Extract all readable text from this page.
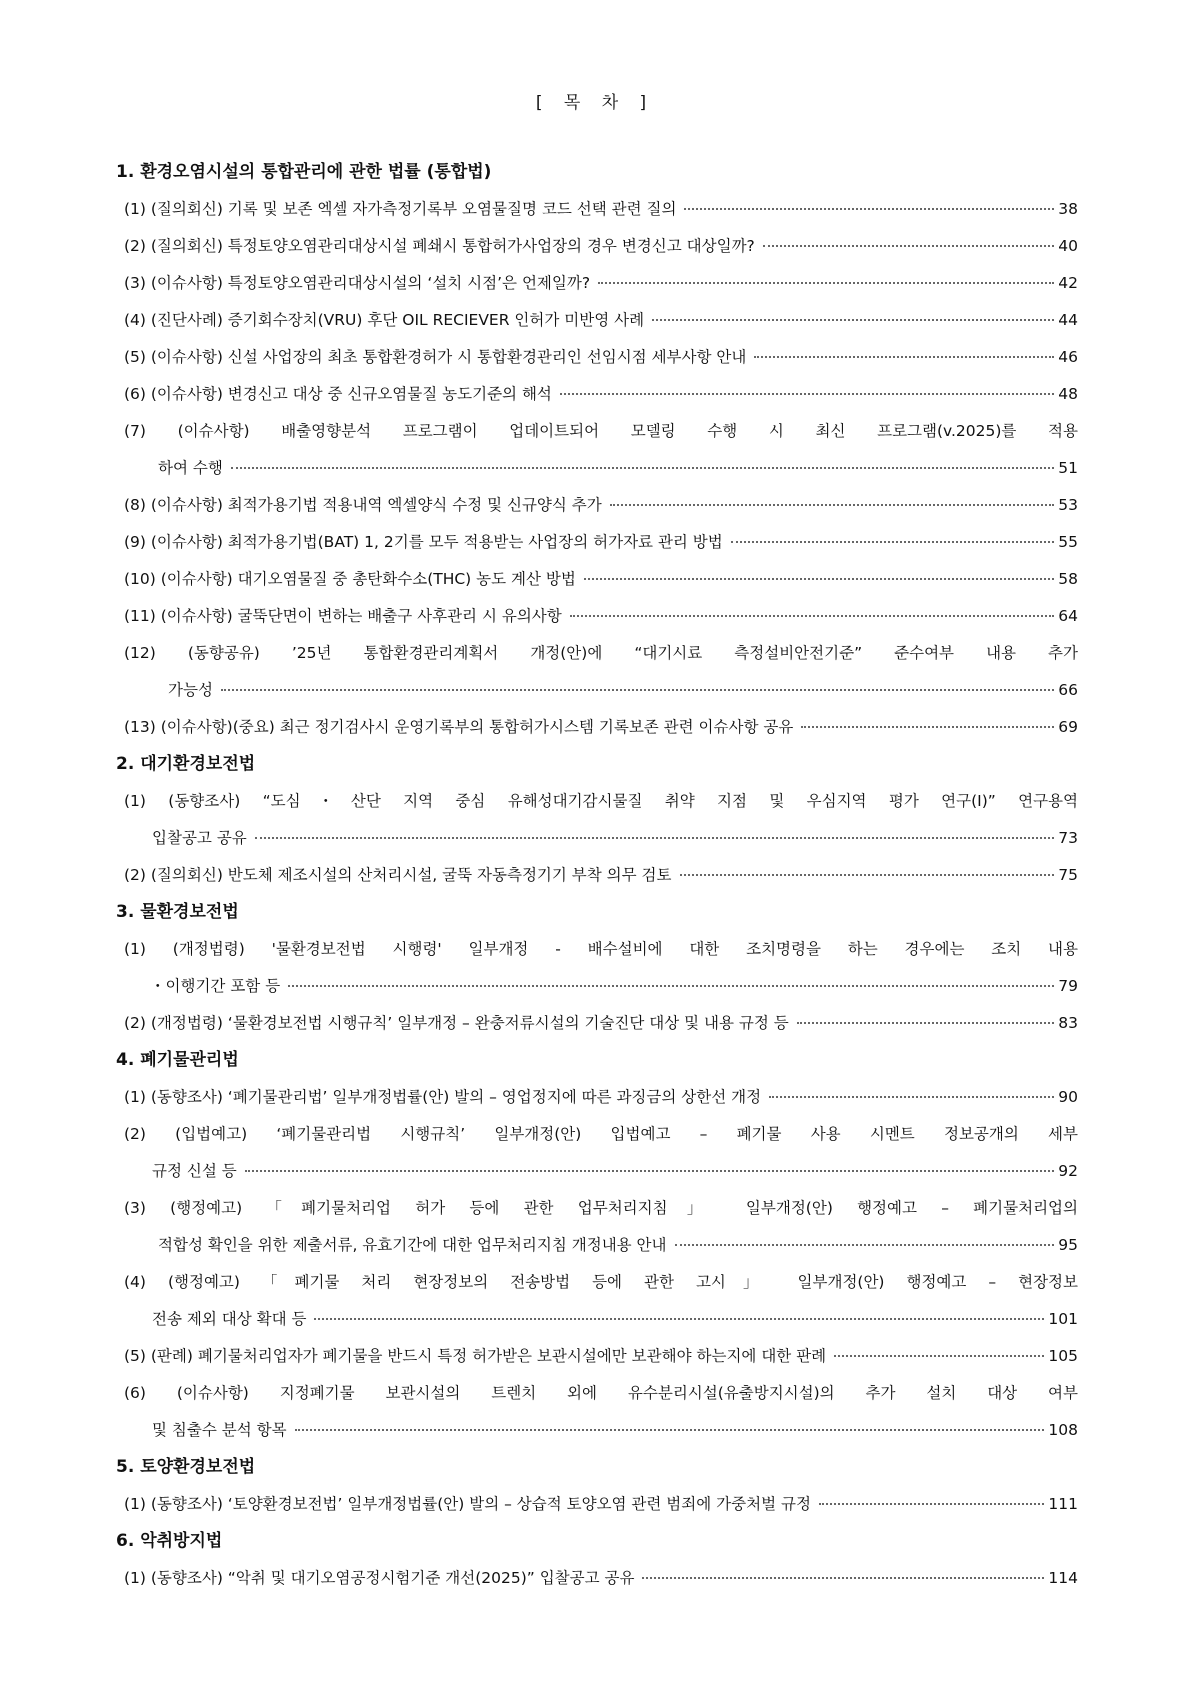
[ 목 차 ]
1. 환경오염시설의 통합관리에 관한 법률 (통합법)
(1) (질의회신) 기록 및 보존 엑셀 자가측정기록부 오염물질명 코드 선택 관련 질의	38
(2) (질의회신) 특정토양오염관리대상시설 폐쇄시 통합허가사업장의 경우 변경신고 대상일까?	40
(3) (이슈사항) 특정토양오염관리대상시설의 ‘설치 시점’은 언제일까?	42
(4) (진단사례) 증기회수장치(VRU) 후단 OIL RECIEVER 인허가 미반영 사례	44
(5) (이슈사항) 신설 사업장의 최초 통합환경허가 시 통합환경관리인 선임시점 세부사항 안내	46
(6) (이슈사항) 변경신고 대상 중 신규오염물질 농도기준의 해석	48
(7) (이슈사항) 배출영향분석 프로그램이 업데이트되어 모델링 수행 시 최신 프로그램(v.2025)를 적용
하여 수행	51
(8) (이슈사항) 최적가용기법 적용내역 엑셀양식 수정 및 신규양식 추가	53
(9) (이슈사항) 최적가용기법(BAT) 1, 2기를 모두 적용받는 사업장의 허가자료 관리 방법	55
(10) (이슈사항) 대기오염물질 중 총탄화수소(THC) 농도 계산 방법	58
(11) (이슈사항) 굴뚝단면이 변하는 배출구 사후관리 시 유의사항	64
(12) (동향공유) ’25년 통합환경관리계획서 개정(안)에 “대기시료 측정설비안전기준” 준수여부 내용 추가
가능성	66
(13) (이슈사항)(중요) 최근 정기검사시 운영기록부의 통합허가시스템 기록보존 관련 이슈사항 공유	69
2. 대기환경보전법
(1) (동향조사) “도심・산단 지역 중심 유해성대기감시물질 취약 지점 및 우심지역 평가 연구(I)” 연구용역
입찰공고 공유	73
(2) (질의회신) 반도체 제조시설의 산처리시설, 굴뚝 자동측정기기 부착 의무 검토	75
3. 물환경보전법
(1) (개정법령) '물환경보전법 시행령' 일부개정 - 배수설비에 대한 조치명령을 하는 경우에는 조치 내용
・이행기간 포함 등	79
(2) (개정법령) ‘물환경보전법 시행규칙’ 일부개정 – 완충저류시설의 기술진단 대상 및 내용 규정 등	83
4. 폐기물관리법
(1) (동향조사) ‘폐기물관리법’ 일부개정법률(안) 발의 – 영업정지에 따른 과징금의 상한선 개정	90
(2) (입법예고) ‘폐기물관리법 시행규칙’ 일부개정(안) 입법예고 – 폐기물 사용 시멘트 정보공개의 세부
규정 신설 등	92
(3) (행정예고) 「폐기물처리업 허가 등에 관한 업무처리지침」 일부개정(안) 행정예고 – 폐기물처리업의
적합성 확인을 위한 제출서류, 유효기간에 대한 업무처리지침 개정내용 안내	95
(4) (행정예고) 「폐기물 처리 현장정보의 전송방법 등에 관한 고시」 일부개정(안) 행정예고 – 현장정보
전송 제외 대상 확대 등	101
(5) (판례) 폐기물처리업자가 폐기물을 반드시 특정 허가받은 보관시설에만 보관해야 하는지에 대한 판례	105
(6) (이슈사항) 지정폐기물 보관시설의 트렌치 외에 유수분리시설(유출방지시설)의 추가 설치 대상 여부
및 침출수 분석 항목	108
5. 토양환경보전법
(1) (동향조사) ‘토양환경보전법’ 일부개정법률(안) 발의 – 상습적 토양오염 관련 범죄에 가중처벌 규정	111
6. 악취방지법
(1) (동향조사) “악취 및 대기오염공정시험기준 개선(2025)” 입찰공고 공유	114
